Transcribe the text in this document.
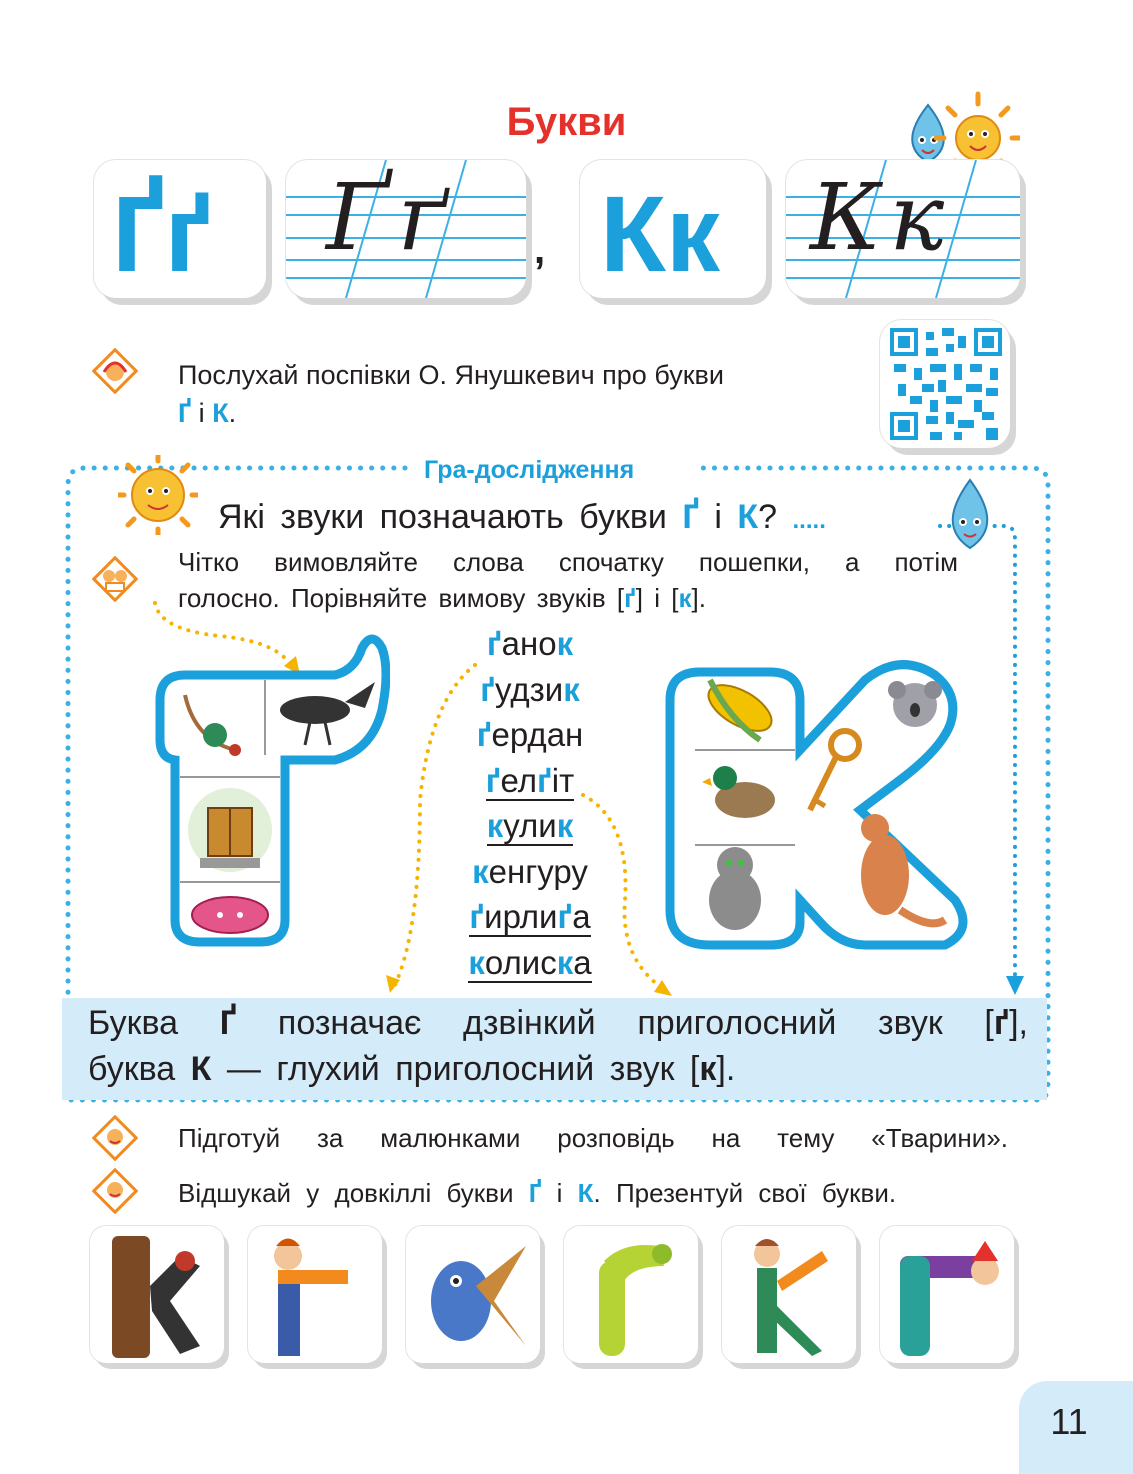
Букви
Ґґ Ґґ , Кк Кк
Послухай поспівки О. Янушкевич про букви
Ґ і К.
Гра-дослідження
Які звуки позначають букви Ґ і К? .....
Чітко вимовляйте слова спочатку пошепки, а потім
голосно. Порівняйте вимову звуків [ґ] і [к].
ґанок
ґудзик
ґердан
ґелґіт
кулик
кенгуру
ґирлиґа
колиска
Буква Ґ позначає дзвінкий приголосний звук [ґ],
буква К — глухий приголосний звук [к].
Підготуй за малюнками розповідь на тему «Тварини».
Відшукай у довкіллі букви Ґ і К. Презентуй свої букви.
11
